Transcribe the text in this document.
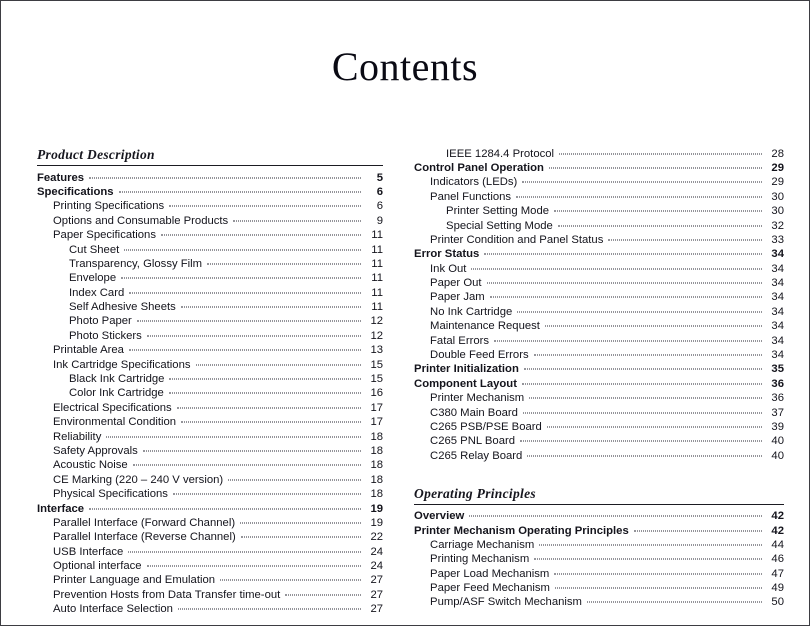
Contents
Product Description
Features	5
Specifications	6
Printing Specifications	6
Options and Consumable Products	9
Paper Specifications	11
Cut Sheet	11
Transparency, Glossy Film	11
Envelope	11
Index Card	11
Self Adhesive Sheets	11
Photo Paper	12
Photo Stickers	12
Printable Area	13
Ink Cartridge Specifications	15
Black Ink Cartridge	15
Color Ink Cartridge	16
Electrical Specifications	17
Environmental Condition	17
Reliability	18
Safety Approvals	18
Acoustic Noise	18
CE Marking (220 – 240 V version)	18
Physical Specifications	18
Interface	19
Parallel Interface (Forward Channel)	19
Parallel Interface (Reverse Channel)	22
USB Interface	24
Optional interface	24
Printer Language and Emulation	27
Prevention Hosts from Data Transfer time-out	27
Auto Interface Selection	27
IEEE 1284.4 Protocol	28
Control Panel Operation	29
Indicators (LEDs)	29
Panel Functions	30
Printer Setting Mode	30
Special Setting Mode	32
Printer Condition and Panel Status	33
Error Status	34
Ink Out	34
Paper Out	34
Paper Jam	34
No Ink Cartridge	34
Maintenance Request	34
Fatal Errors	34
Double Feed Errors	34
Printer Initialization	35
Component Layout	36
Printer Mechanism	36
C380 Main Board	37
C265 PSB/PSE Board	39
C265 PNL Board	40
C265 Relay Board	40
Operating Principles
Overview	42
Printer Mechanism Operating Principles	42
Carriage Mechanism	44
Printing Mechanism	46
Paper Load Mechanism	47
Paper Feed Mechanism	49
Pump/ASF Switch Mechanism	50
